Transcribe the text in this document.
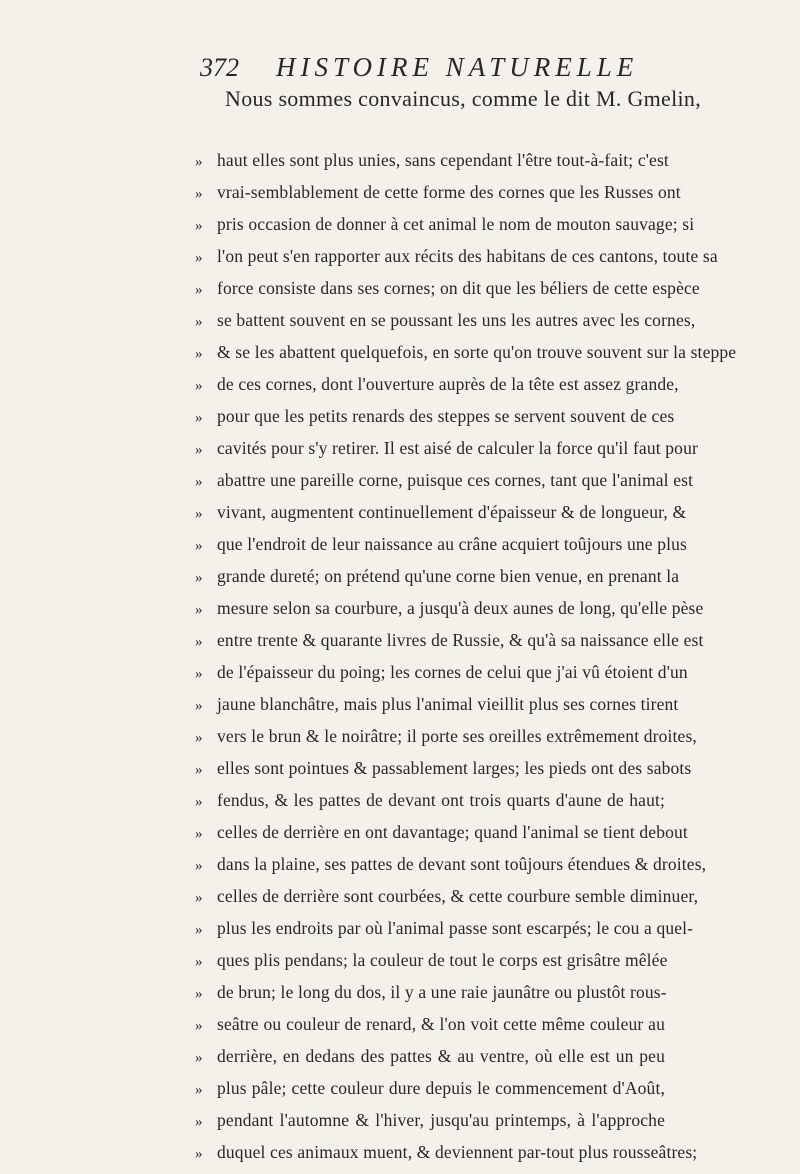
372	HISTOIRE NATURELLE
Nous sommes convaincus, comme le dit M. Gmelin,
» haut elles sont plus unies, sans cependant l'être tout-à-fait; c'est
» vrai-semblablement de cette forme des cornes que les Russes ont
» pris occasion de donner à cet animal le nom de mouton sauvage; si
» l'on peut s'en rapporter aux récits des habitans de ces cantons, toute sa
» force consiste dans ses cornes; on dit que les béliers de cette espèce
» se battent souvent en se poussant les uns les autres avec les cornes,
» & se les abattent quelquefois, en sorte qu'on trouve souvent sur la steppe
» de ces cornes, dont l'ouverture auprès de la tête est assez grande,
» pour que les petits renards des steppes se servent souvent de ces
» cavités pour s'y retirer. Il est aisé de calculer la force qu'il faut pour
» abattre une pareille corne, puisque ces cornes, tant que l'animal est
» vivant, augmentent continuellement d'épaisseur & de longueur, &
» que l'endroit de leur naissance au crâne acquiert toûjours une plus
» grande dureté; on prétend qu'une corne bien venue, en prenant la
» mesure selon sa courbure, a jusqu'à deux aunes de long, qu'elle pèse
» entre trente & quarante livres de Russie, & qu'à sa naissance elle est
» de l'épaisseur du poing; les cornes de celui que j'ai vû étoient d'un
» jaune blanchâtre, mais plus l'animal vieillit plus ses cornes tirent
» vers le brun & le noirâtre; il porte ses oreilles extrêmement droites,
» elles sont pointues & passablement larges; les pieds ont des sabots
» fendus, & les pattes de devant ont trois quarts d'aune de haut;
» celles de derrière en ont davantage; quand l'animal se tient debout
» dans la plaine, ses pattes de devant sont toûjours étendues & droites,
» celles de derrière sont courbées, & cette courbure semble diminuer,
» plus les endroits par où l'animal passe sont escarpés; le cou a quel-
» ques plis pendans; la couleur de tout le corps est grisâtre mêlée
» de brun; le long du dos, il y a une raie jaunâtre ou plustôt rous-
» seâtre ou couleur de renard, & l'on voit cette même couleur au
» derrière, en dedans des pattes & au ventre, où elle est un peu
» plus pâle; cette couleur dure depuis le commencement d'Août,
» pendant l'automne & l'hiver, jusqu'au printemps, à l'approche
» duquel ces animaux muent, & deviennent par-tout plus rousseâtres;
